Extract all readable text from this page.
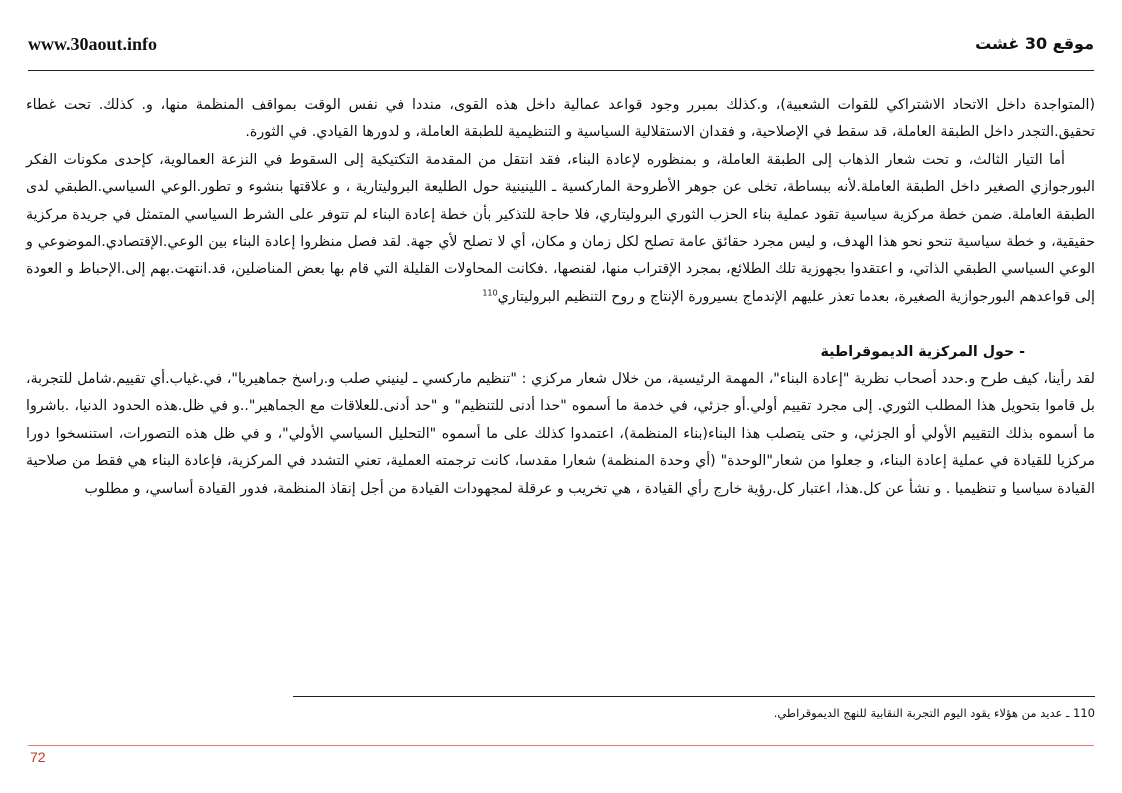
www.30aout.info	موقع 30 غشت

(المتواجدة داخل الاتحاد الاشتراكي للقوات الشعبية)، و.كذلك بمبرر وجود قواعد عمالية داخل هذه القوى، منددا في نفس الوقت بمواقف المنظمة منها، و. كذلك. تحت غطاء تحقيق.التجدر داخل الطبقة العاملة، قد سقط في الإصلاحية، و فقدان الاستقلالية السياسية و التنظيمية للطبقة العاملة، و لدورها القيادي. في الثورة.

أما التيار الثالث، و تحت شعار الذهاب إلى الطبقة العاملة، و بمنظوره لإعادة البناء، فقد انتقل من المقدمة التكتيكية إلى السقوط في النزعة العمالوية، كإحدى مكونات الفكر البورجوازي الصغير داخل الطبقة العاملة.لأنه ببساطة، تخلى عن جوهر الأطروحة الماركسية ـ اللينينية حول الطليعة البروليتارية ، و علاقتها بنشوء و تطور.الوعي السياسي.الطبقي لدى الطبقة العاملة. ضمن خطة مركزية سياسية تقود عملية بناء الحزب الثوري البروليتاري، فلا حاجة للتذكير بأن خطة إعادة البناء لم تتوفر على الشرط السياسي المتمثل في جريدة مركزية حقيقية، و خطة سياسية تنحو نحو هذا الهدف، و ليس مجرد حقائق عامة تصلح لكل زمان و مكان، أي لا تصلح لأي جهة. لقد فصل منظروا إعادة البناء بين الوعي.الإقتصادي.الموضوعي و الوعي السياسي الطبقي الذاتي، و اعتقدوا بجهوزية تلك الطلائع، بمجرد الإقتراب منها، لقنصها، .فكانت المحاولات القليلة التي قام بها بعض المناضلين، قد.انتهت.بهم إلى.الإحباط و العودة إلى قواعدهم البورجوازية الصغيرة، بعدما تعذر عليهم الإندماج بسيرورة الإنتاج و روح التنظيم البروليتاري$^{110}$

- حول المركزية الديموقراطية

لقد رأينا، كيف طرح و.حدد أصحاب نظرية "إعادة البناء"، المهمة الرئيسية، من خلال شعار مركزي : "تنظيم ماركسي ـ لينيني صلب و.راسخ جماهيريا"، في.غياب.أي تقييم.شامل للتجربة، بل قاموا بتحويل هذا المطلب الثوري. إلى مجرد تقييم أولي.أو جزئي، في خدمة ما أسموه "حدا أدنى للتنظيم" و "حد أدنى.للعلاقات مع الجماهير"..و في ظل.هذه الحدود الدنيا، .باشروا ما أسموه بذلك التقييم الأولي أو الجزئي، و حتى يتصلب هذا البناء(بناء المنظمة)، اعتمدوا كذلك على ما أسموه "التحليل السياسي الأولي"، و في ظل هذه التصورات، استنسخوا دورا مركزيا للقيادة في عملية إعادة البناء، و جعلوا من شعار"الوحدة" (أي وحدة المنظمة) شعارا مقدسا، كانت ترجمته العملية، تعني التشدد في المركزية، فإعادة البناء هي فقط من صلاحية القيادة سياسيا و تنظيميا . و نشأ عن كل.هذا، اعتبار كل.رؤية خارج رأي القيادة ، هي تخريب و عرقلة لمجهودات القيادة من أجل إنقاذ المنظمة، فدور القيادة أساسي، و مطلوب

110 ـ عديد من هؤلاء يقود اليوم التجربة النقابية للنهج الديموقراطي.
72
